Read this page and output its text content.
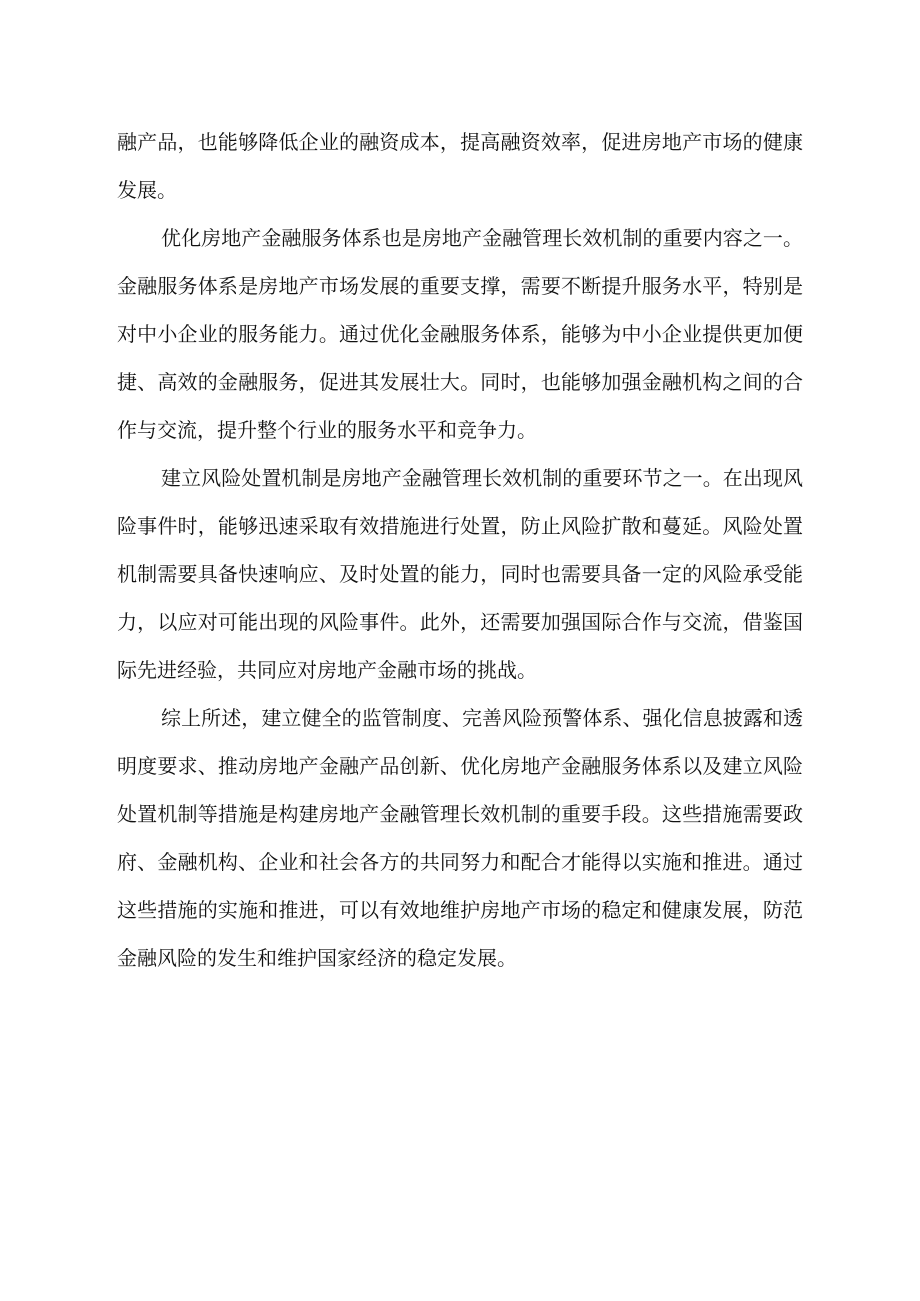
融产品，也能够降低企业的融资成本，提高融资效率，促进房地产市场的健康
发展。
优化房地产金融服务体系也是房地产金融管理长效机制的重要内容之一。
金融服务体系是房地产市场发展的重要支撑，需要不断提升服务水平，特别是
对中小企业的服务能力。通过优化金融服务体系，能够为中小企业提供更加便
捷、高效的金融服务，促进其发展壮大。同时，也能够加强金融机构之间的合
作与交流，提升整个行业的服务水平和竞争力。
建立风险处置机制是房地产金融管理长效机制的重要环节之一。在出现风
险事件时，能够迅速采取有效措施进行处置，防止风险扩散和蔓延。风险处置
机制需要具备快速响应、及时处置的能力，同时也需要具备一定的风险承受能
力，以应对可能出现的风险事件。此外，还需要加强国际合作与交流，借鉴国
际先进经验，共同应对房地产金融市场的挑战。
综上所述，建立健全的监管制度、完善风险预警体系、强化信息披露和透
明度要求、推动房地产金融产品创新、优化房地产金融服务体系以及建立风险
处置机制等措施是构建房地产金融管理长效机制的重要手段。这些措施需要政
府、金融机构、企业和社会各方的共同努力和配合才能得以实施和推进。通过
这些措施的实施和推进，可以有效地维护房地产市场的稳定和健康发展，防范
金融风险的发生和维护国家经济的稳定发展。
